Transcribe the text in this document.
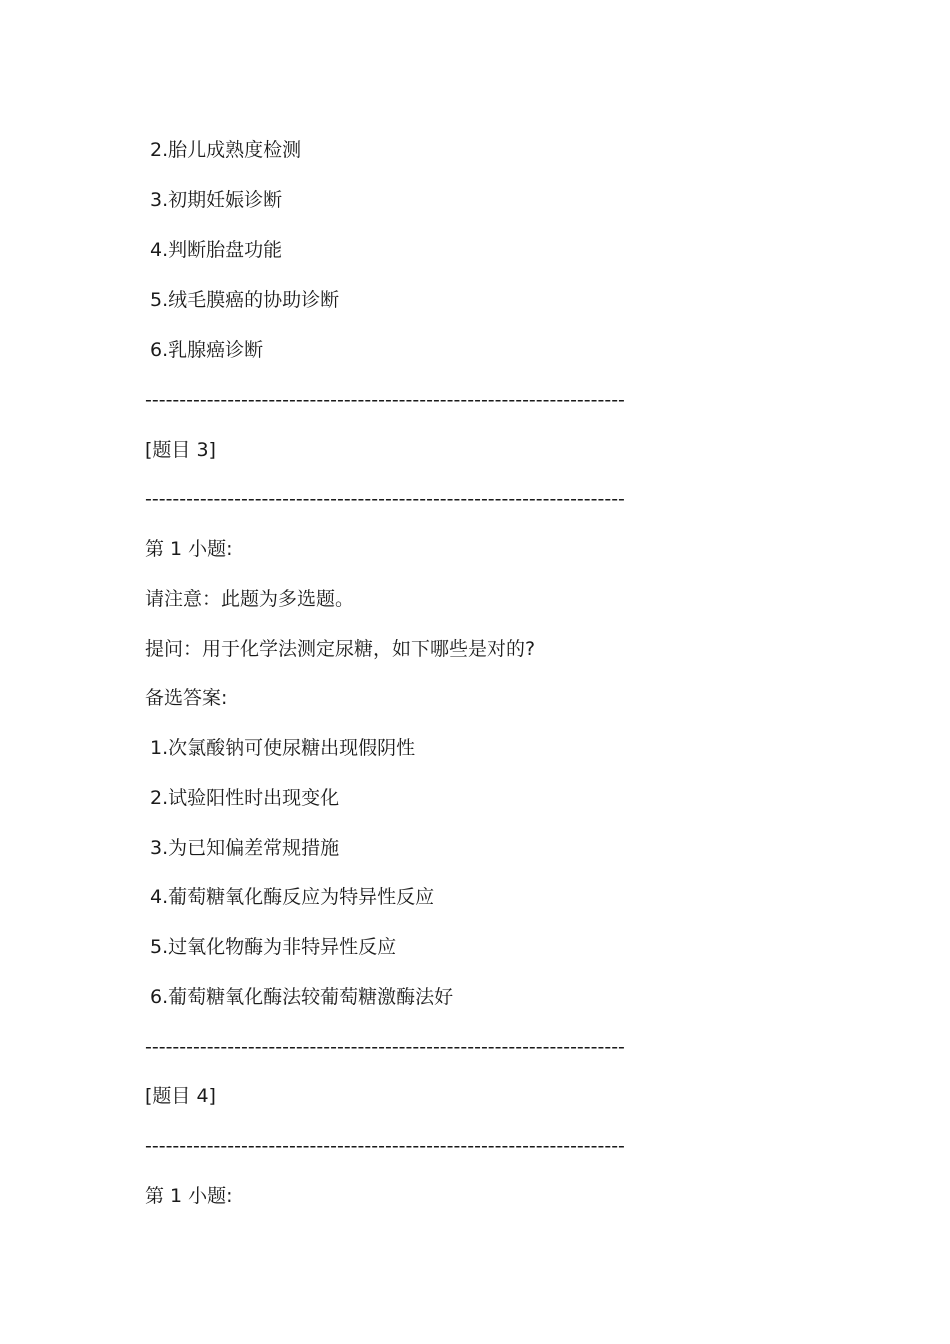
2.胎儿成熟度检测
3.初期妊娠诊断
4.判断胎盘功能
5.绒毛膜癌的协助诊断
6.乳腺癌诊断
----------------------------------------------------------------------
[题目 3]
----------------------------------------------------------------------
第 1 小题:
请注意：此题为多选题。
提问：用于化学法测定尿糖，如下哪些是对的?
备选答案:
1.次氯酸钠可使尿糖出现假阴性
2.试验阳性时出现变化
3.为已知偏差常规措施
4.葡萄糖氧化酶反应为特异性反应
5.过氧化物酶为非特异性反应
6.葡萄糖氧化酶法较葡萄糖激酶法好
----------------------------------------------------------------------
[题目 4]
----------------------------------------------------------------------
第 1 小题:
